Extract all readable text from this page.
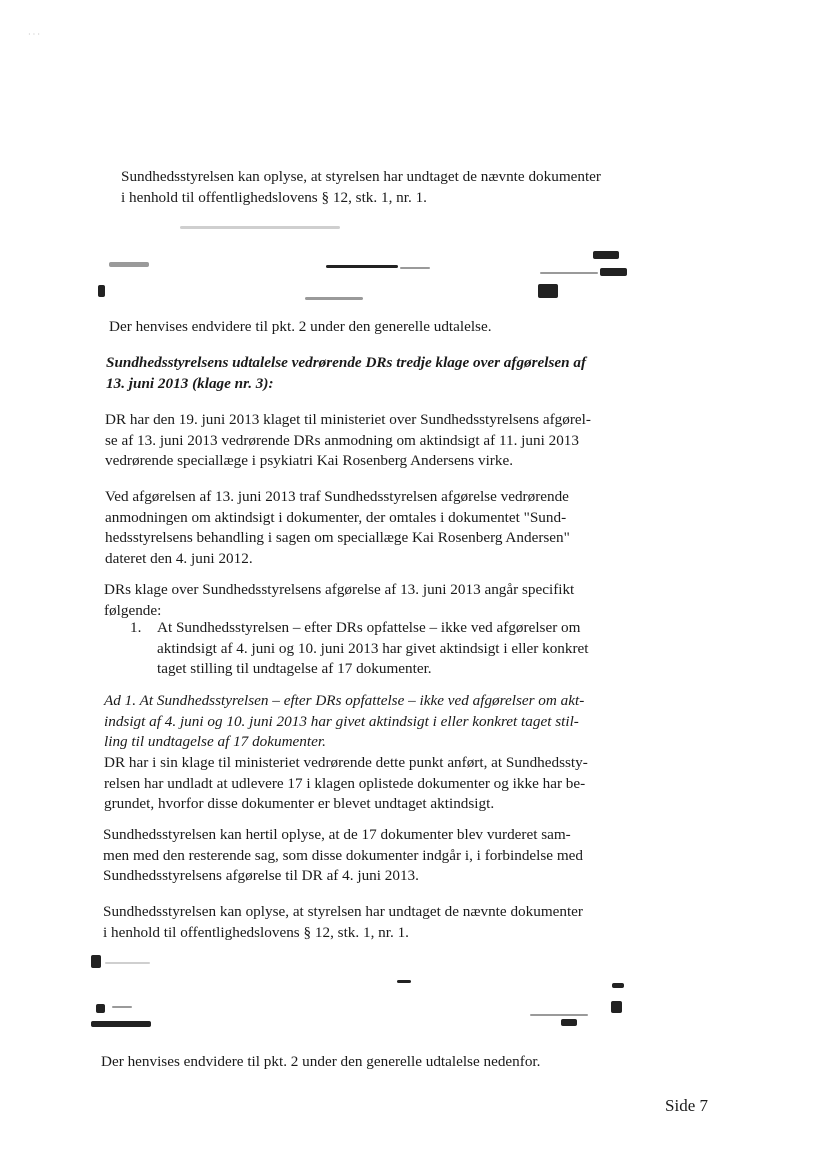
· · ·
Sundhedsstyrelsen kan oplyse, at styrelsen har undtaget de nævnte dokumenter
i henhold til offentlighedslovens § 12, stk. 1, nr. 1.
Der henvises endvidere til pkt. 2 under den generelle udtalelse.
Sundhedsstyrelsens udtalelse vedrørende DRs tredje klage over afgørelsen af
13. juni 2013 (klage nr. 3):
DR har den 19. juni 2013 klaget til ministeriet over Sundhedsstyrelsens afgørel-
se af 13. juni 2013 vedrørende DRs anmodning om aktindsigt af 11. juni 2013
vedrørende speciallæge i psykiatri Kai Rosenberg Andersens virke.
Ved afgørelsen af 13. juni 2013 traf Sundhedsstyrelsen afgørelse vedrørende
anmodningen om aktindsigt i dokumenter, der omtales i dokumentet "Sund-
hedsstyrelsens behandling i sagen om speciallæge Kai Rosenberg Andersen"
dateret den 4. juni 2012.
DRs klage over Sundhedsstyrelsens afgørelse af 13. juni 2013 angår specifikt
følgende:
1. At Sundhedsstyrelsen – efter DRs opfattelse – ikke ved afgørelser om
aktindsigt af 4. juni og 10. juni 2013 har givet aktindsigt i eller konkret
taget stilling til undtagelse af 17 dokumenter.
Ad 1. At Sundhedsstyrelsen – efter DRs opfattelse – ikke ved afgørelser om akt-
indsigt af 4. juni og 10. juni 2013 har givet aktindsigt i eller konkret taget stil-
ling til undtagelse af 17 dokumenter.
DR har i sin klage til ministeriet vedrørende dette punkt anført, at Sundhedssty-
relsen har undladt at udlevere 17 i klagen oplistede dokumenter og ikke har be-
grundet, hvorfor disse dokumenter er blevet undtaget aktindsigt.
Sundhedsstyrelsen kan hertil oplyse, at de 17 dokumenter blev vurderet sam-
men med den resterende sag, som disse dokumenter indgår i, i forbindelse med
Sundhedsstyrelsens afgørelse til DR af 4. juni 2013.
Sundhedsstyrelsen kan oplyse, at styrelsen har undtaget de nævnte dokumenter
i henhold til offentlighedslovens § 12, stk. 1, nr. 1.
Der henvises endvidere til pkt. 2 under den generelle udtalelse nedenfor.
Side 7
